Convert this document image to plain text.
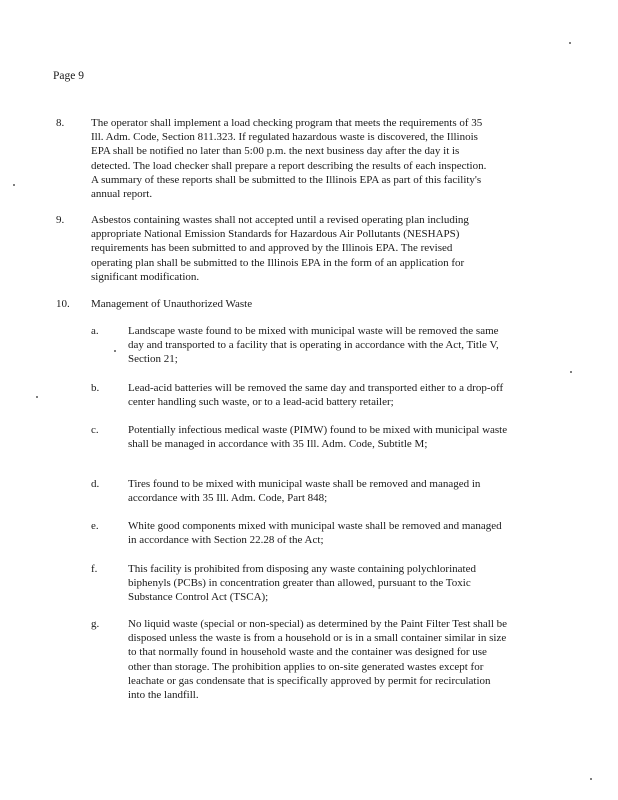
Page 9
8.	The operator shall implement a load checking program that meets the requirements of 35 Ill. Adm. Code, Section 811.323. If regulated hazardous waste is discovered, the Illinois EPA shall be notified no later than 5:00 p.m. the next business day after the day it is detected. The load checker shall prepare a report describing the results of each inspection. A summary of these reports shall be submitted to the Illinois EPA as part of this facility's annual report.
9.	Asbestos containing wastes shall not accepted until a revised operating plan including appropriate National Emission Standards for Hazardous Air Pollutants (NESHAPS) requirements has been submitted to and approved by the Illinois EPA. The revised operating plan shall be submitted to the Illinois EPA in the form of an application for significant modification.
10.	Management of Unauthorized Waste
a.	Landscape waste found to be mixed with municipal waste will be removed the same day and transported to a facility that is operating in accordance with the Act, Title V, Section 21;
b.	Lead-acid batteries will be removed the same day and transported either to a drop-off center handling such waste, or to a lead-acid battery retailer;
c.	Potentially infectious medical waste (PIMW) found to be mixed with municipal waste shall be managed in accordance with 35 Ill. Adm. Code, Subtitle M;
d.	Tires found to be mixed with municipal waste shall be removed and managed in accordance with 35 Ill. Adm. Code, Part 848;
e.	White good components mixed with municipal waste shall be removed and managed in accordance with Section 22.28 of the Act;
f.	This facility is prohibited from disposing any waste containing polychlorinated biphenyls (PCBs) in concentration greater than allowed, pursuant to the Toxic Substance Control Act (TSCA);
g.	No liquid waste (special or non-special) as determined by the Paint Filter Test shall be disposed unless the waste is from a household or is in a small container similar in size to that normally found in household waste and the container was designed for use other than storage. The prohibition applies to on-site generated wastes except for leachate or gas condensate that is specifically approved by permit for recirculation into the landfill.
